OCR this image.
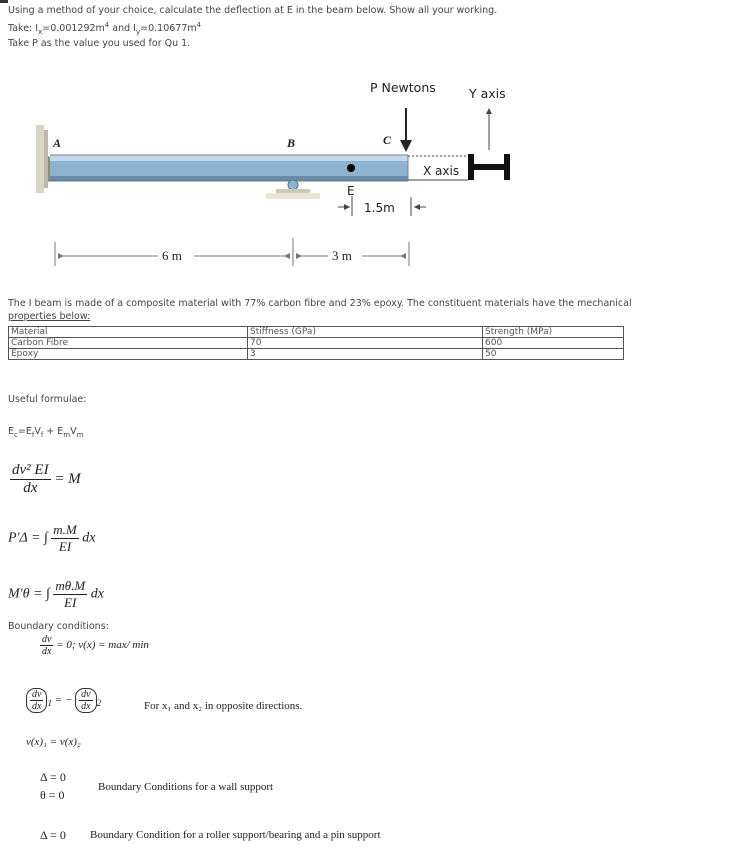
Using a method of your choice, calculate the deflection at E in the beam below. Show all your working.
Take: $I_x=0.001292m^4$ and $I_y=0.10677m^4$
Take P as the value you used for Qu 1.
P Newtons	Y axis
X axis
A	B	C
E
1.5m
6 m	3 m
The I beam is made of a composite material with 77% carbon fibre and 23% epoxy. The constituent materials have the mechanical
properties below:
Material	Stiffness (GPa)	Strength (MPa)
Carbon Fibre	70	600
Epoxy	3	50
Useful formulae:
$E_c=E_fV_f + E_mV_m$
$\frac{\text{dv² EI}}{dx} = M$
P'Δ = ∫ $\frac{m.M}{EI}$ dx
M'θ = ∫ $\frac{m\theta.M}{EI}$ dx
Boundary conditions:
$\frac{dv}{dx} = 0$; v(x) = max/ min
$\frac{dv}{dx} _1$ = − $\frac{dv}{dx} _2$	For x₁ and x₂ in opposite directions.
v(x)₁ = v(x)₂
Δ = 0
θ = 0
Boundary Conditions for a wall support
Δ = 0 Boundary Condition for a roller support/bearing and a pin support
